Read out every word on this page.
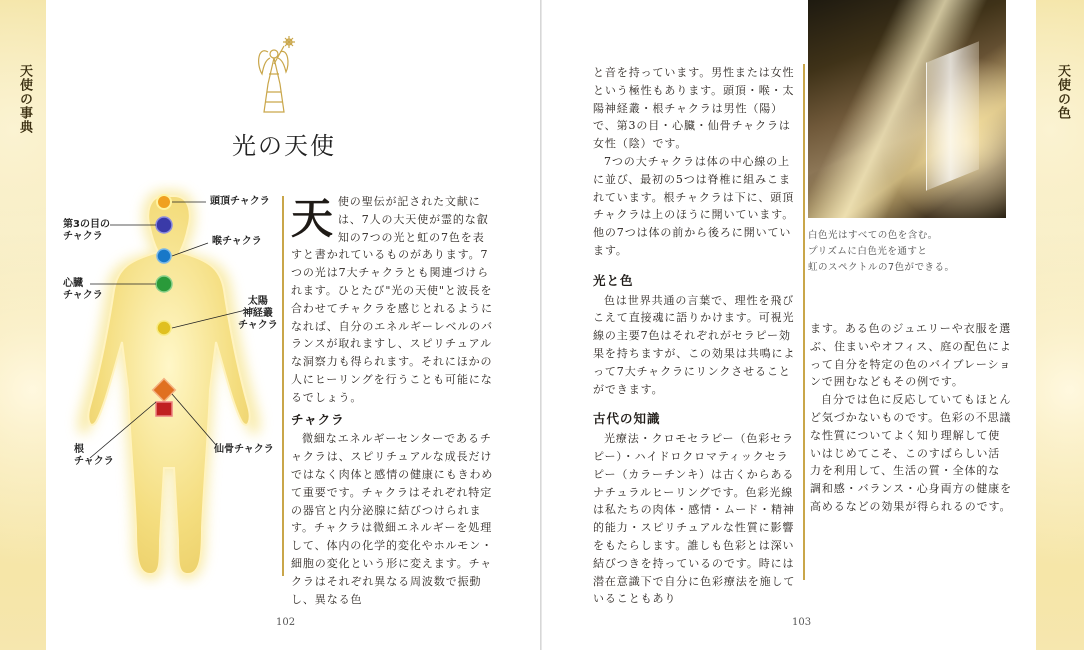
天使の事典	天使の色
光の天使
頭頂チャクラ
第3の目の
チャクラ	喉チャクラ
心臓
チャクラ
太陽
神経叢
チャクラ
根
チャクラ
仙骨チャクラ
天 使の聖伝が記された文献には、7人の大天使が霊的な叡知の7つの光と虹の7色を表すと書かれているものがあります。7つの光は7大チャクラとも関連づけられます。ひとたび"光の天使"と波長を合わせてチャクラを感じとれるようになれば、自分のエネルギーレベルのバランスが取れますし、スピリチュアルな洞察力も得られます。それにほかの人にヒーリングを行うことも可能になるでしょう。

チャクラ

微細なエネルギーセンターであるチャクラは、スピリチュアルな成長だけではなく肉体と感情の健康にもきわめて重要です。チャクラはそれぞれ特定の器官と内分泌腺に結びつけられます。チャクラは微細エネルギーを処理して、体内の化学的変化やホルモン・細胞の変化という形に変えます。チャクラはそれぞれ異なる周波数で振動し、異なる色

102

と音を持っています。男性または女性という極性もあります。頭頂・喉・太陽神経叢・根チャクラは男性（陽）で、第3の目・心臓・仙骨チャクラは女性（陰）です。

7つの大チャクラは体の中心線の上に並び、最初の5つは脊椎に組みこまれています。根チャクラは下に、頭頂チャクラは上のほうに開いています。他の7つは体の前から後ろに開いています。

光と色

色は世界共通の言葉で、理性を飛びこえて直接魂に語りかけます。可視光線の主要7色はそれぞれがセラピー効果を持ちますが、この効果は共鳴によって7大チャクラにリンクさせることができます。

古代の知識

光療法・クロモセラピー（色彩セラピー）・ハイドロクロマティックセラピー（カラーチンキ）は古くからあるナチュラルヒーリングです。色彩光線は私たちの肉体・感情・ムード・精神的能力・スピリチュアルな性質に影響をもたらします。誰しも色彩とは深い結びつきを持っているのです。時には潜在意識下で自分に色彩療法を施していることもあり

白色光はすべての色を含む。
プリズムに白色光を通すと
虹のスペクトルの7色ができる。

ます。ある色のジュエリーや衣服を選ぶ、住まいやオフィス、庭の配色によって自分を特定の色のバイブレーションで囲むなどもその例です。

自分では色に反応していてもほとんど気づかないものです。色彩の不思議な性質についてよく知り理解して使いはじめてこそ、このすばらしい活力を利用して、生活の質・全体的な調和感・バランス・心身両方の健康を高めるなどの効果が得られるのです。

103
